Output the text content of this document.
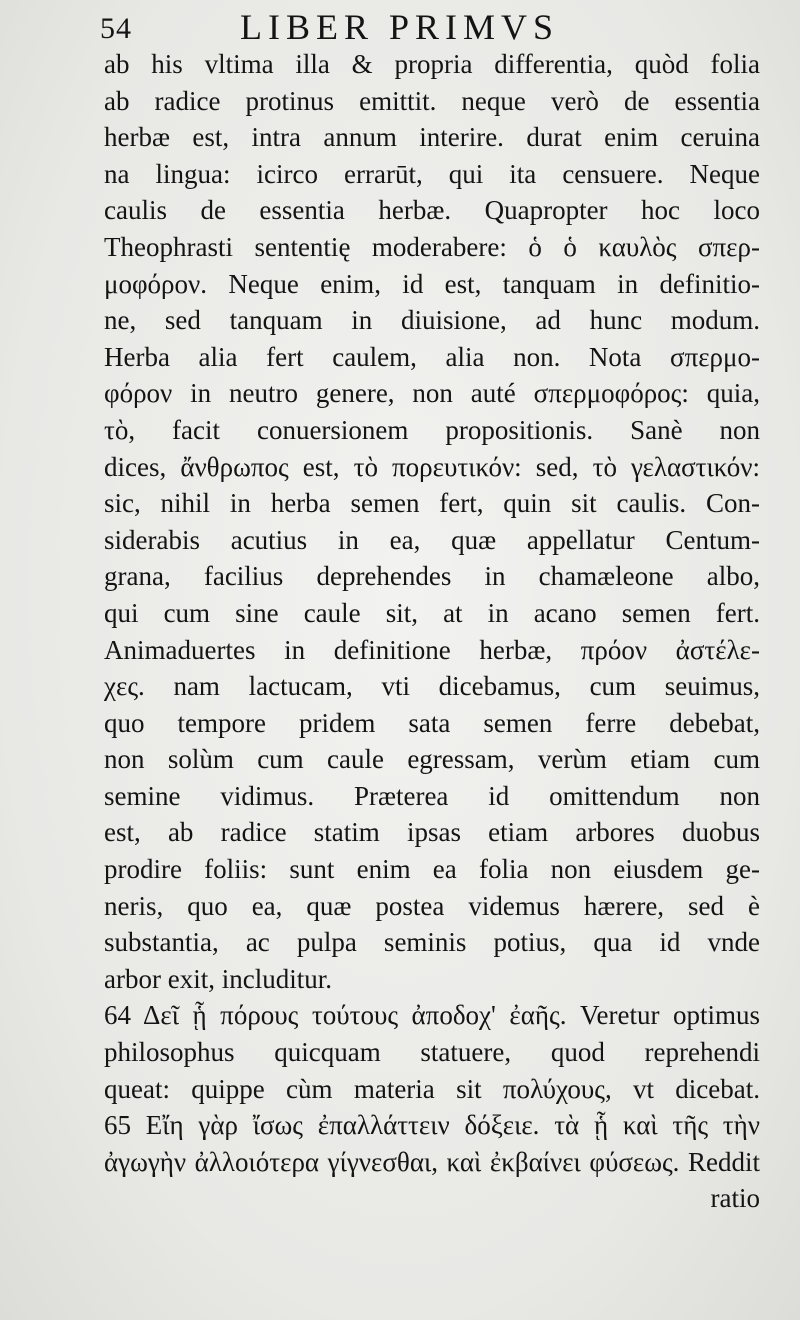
54	LIBER PRIMVS
ab his vltima illa & propria differentia, quòd folia
ab radice protinus emittit. neque verò de essentia
herbæ est, intra annum interire. durat enim ceruina
na lingua: icirco errarūt, qui ita censuere. Neque
caulis de essentia herbæ. Quapropter hoc loco
Theophrasti sententię moderabere: ὁ ὁ καυλὸς σπερ-
μοφόρον. Neque enim, id est, tanquam in definitio-
ne, sed tanquam in diuisione, ad hunc modum.
Herba alia fert caulem, alia non. Nota σπερμο-
φόρον in neutro genere, non auté σπερμοφόρος: quia,
τὸ, facit conuersionem propositionis. Sanè non
dices, ἄνθρωπος est, τὸ πορευτικόν: sed, τὸ γελαστικόν:
sic, nihil in herba semen fert, quin sit caulis. Con-
siderabis acutius in ea, quæ appellatur Centum-
grana, facilius deprehendes in chamæleone albo,
qui cum sine caule sit, at in acano semen fert.
Animaduertes in definitione herbæ, πρόον ἀστέλε-
χες. nam lactucam, vti dicebamus, cum seuimus,
quo tempore pridem sata semen ferre debebat,
non solùm cum caule egressam, verùm etiam cum
semine vidimus. Præterea id omittendum non
est, ab radice statim ipsas etiam arbores duobus
prodire foliis: sunt enim ea folia non eiusdem ge-
neris, quo ea, quæ postea videmus hærere, sed è
substantia, ac pulpa seminis potius, qua id vnde
arbor exit, includitur.
64 Δεῖ ᾗ πόρους τούτους ἀποδοχ' ἐαῆς. Veretur optimus
philosophus quicquam statuere, quod reprehendi
queat: quippe cùm materia sit πολύχους, vt dicebat.
65 Εἴη γὰρ ἴσως ἐπαλλάττειν δόξειε. τὰ ᾗ καὶ τῆς τὴν
ἀγωγὴν ἀλλοιότερα γίγνεσθαι, καὶ ἐκβαίνει φύσεως. Reddit
ratio
